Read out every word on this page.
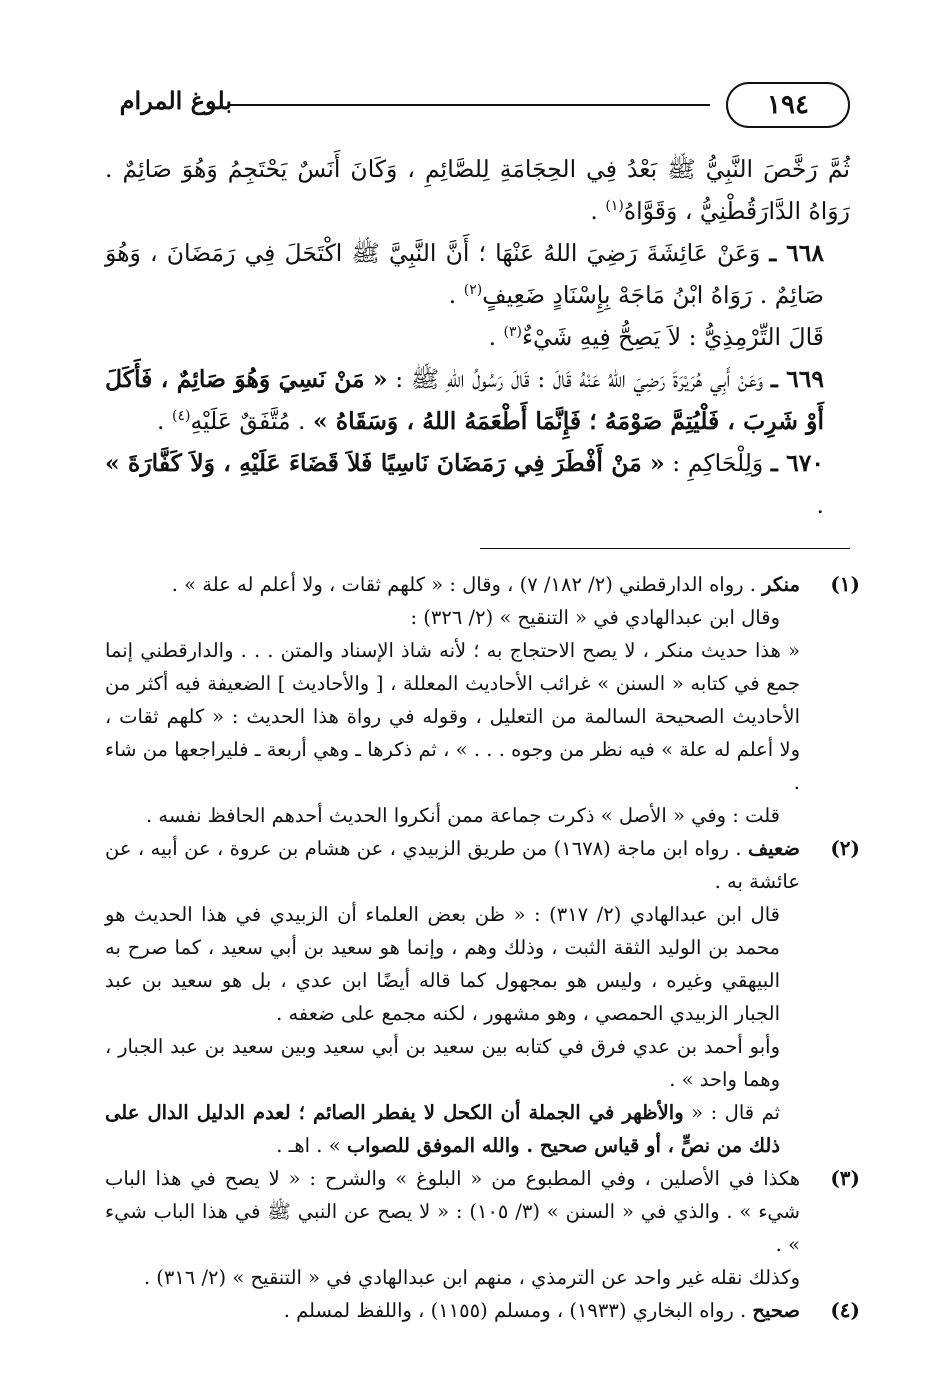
١٩٤
بلوغ المرام

ثُمَّ رَخَّصَ النَّبِيُّ ﷺ بَعْدُ فِي الحِجَامَةِ لِلصَّائِمِ ، وَكَانَ أَنَسٌ يَحْتَجِمُ وَهُوَ صَائِمٌ . رَوَاهُ الدَّارَقُطْنِيُّ ، وَقَوَّاهُ$^{(١)}$ .

٦٦٨ ـ وَعَنْ عَائِشَةَ رَضِيَ اللهُ عَنْهَا ؛ أَنَّ النَّبِيَّ ﷺ اكْتَحَلَ فِي رَمَضَانَ ، وَهُوَ صَائِمٌ . رَوَاهُ ابْنُ مَاجَهْ بِإِسْنَادٍ ضَعِيفٍ$^{(٢)}$ .

قَالَ التِّرْمِذِيُّ : لاَ يَصِحُّ فِيهِ شَيْءٌ$^{(٣)}$ .

٦٦٩ ـ وَعَنْ أَبِي هُرَيْرَةَ رَضِيَ اللهُ عَنْهُ قَالَ : قَالَ رَسُولُ اللهِ ﷺ : « مَنْ نَسِيَ وَهُوَ صَائِمٌ ، فَأَكَلَ أَوْ شَرِبَ ، فَلْيُتِمَّ صَوْمَهُ ؛ فَإِنَّمَا أَطْعَمَهُ اللهُ ، وَسَقَاهُ » . مُتَّفَقٌ عَلَيْهِ$^{(٤)}$ .

٦٧٠ ـ وَلِلْحَاكِمِ : « مَنْ أَفْطَرَ فِي رَمَضَانَ نَاسِيًا فَلاَ قَضَاءَ عَلَيْهِ ، وَلاَ كَفَّارَةَ » .

(١)

منكر . رواه الدارقطني (٢/ ١٨٢/ ٧) ، وقال : « كلهم ثقات ، ولا أعلم له علة » .

وقال ابن عبدالهادي في « التنقيح » (٢/ ٣٢٦) :

« هذا حديث منكر ، لا يصح الاحتجاج به ؛ لأنه شاذ الإسناد والمتن . . . والدارقطني إنما جمع في كتابه « السنن » غرائب الأحاديث المعللة ، [ والأحاديث ] الضعيفة فيه أكثر من الأحاديث الصحيحة السالمة من التعليل ، وقوله في رواة هذا الحديث : « كلهم ثقات ، ولا أعلم له علة » فيه نظر من وجوه . . . » ، ثم ذكرها ـ وهي أربعة ـ فليراجعها من شاء .

قلت : وفي « الأصل » ذكرت جماعة ممن أنكروا الحديث أحدهم الحافظ نفسه .

(٢)

ضعيف . رواه ابن ماجة (١٦٧٨) من طريق الزبيدي ، عن هشام بن عروة ، عن أبيه ، عن عائشة به .

قال ابن عبدالهادي (٢/ ٣١٧) : « ظن بعض العلماء أن الزبيدي في هذا الحديث هو محمد بن الوليد الثقة الثبت ، وذلك وهم ، وإنما هو سعيد بن أبي سعيد ، كما صرح به البيهقي وغيره ، وليس هو بمجهول كما قاله أيضًا ابن عدي ، بل هو سعيد بن عبد الجبار الزبيدي الحمصي ، وهو مشهور ، لكنه مجمع على ضعفه .

وأبو أحمد بن عدي فرق في كتابه بين سعيد بن أبي سعيد وبين سعيد بن عبد الجبار ، وهما واحد » .

ثم قال : « والأظهر في الجملة أن الكحل لا يفطر الصائم ؛ لعدم الدليل الدال على ذلك من نصٍّ ، أو قياس صحيح . والله الموفق للصواب » . اهـ .

(٣)

هكذا في الأصلين ، وفي المطبوع من « البلوغ » والشرح : « لا يصح في هذا الباب شيء » . والذي في « السنن » (٣/ ١٠٥) : « لا يصح عن النبي ﷺ في هذا الباب شيء » .

وكذلك نقله غير واحد عن الترمذي ، منهم ابن عبدالهادي في « التنقيح » (٢/ ٣١٦) .

(٤)

صحيح . رواه البخاري (١٩٣٣) ، ومسلم (١١٥٥) ، واللفظ لمسلم .
